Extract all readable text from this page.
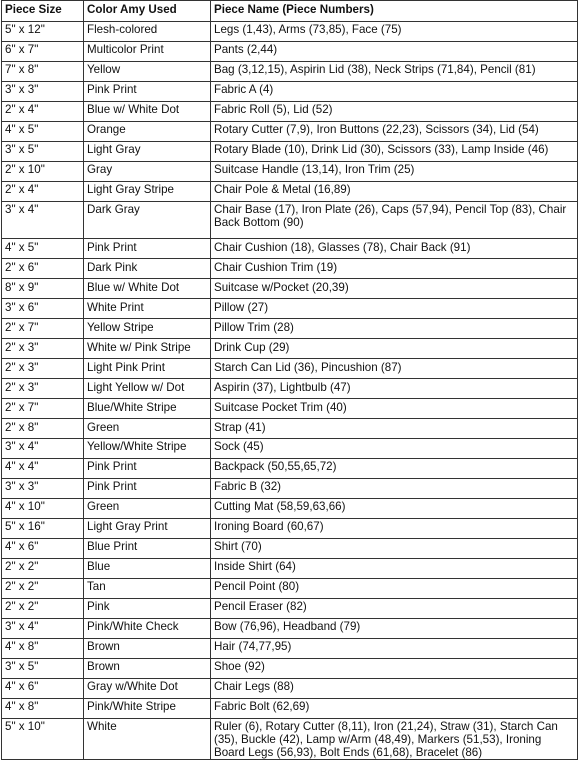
Piece Size	Color Amy Used	Piece Name (Piece Numbers)
5" x 12"	Flesh-colored	Legs (1,43), Arms (73,85), Face (75)
6" x 7"	Multicolor Print	Pants (2,44)
7" x 8"	Yellow	Bag (3,12,15), Aspirin Lid (38), Neck Strips (71,84), Pencil (81)
3" x 3"	Pink Print	Fabric A (4)
2" x 4"	Blue w/ White Dot	Fabric Roll (5), Lid (52)
4" x 5"	Orange	Rotary Cutter (7,9), Iron Buttons (22,23), Scissors (34), Lid (54)
3" x 5"	Light Gray	Rotary Blade (10), Drink Lid (30), Scissors (33), Lamp Inside (46)
2" x 10"	Gray	Suitcase Handle (13,14), Iron Trim (25)
2" x 4"	Light Gray Stripe	Chair Pole & Metal (16,89)
3" x 4"	Dark Gray	Chair Base (17), Iron Plate (26), Caps (57,94), Pencil Top (83), Chair Back Bottom (90)
4" x 5"	Pink Print	Chair Cushion (18), Glasses (78), Chair Back (91)
2" x 6"	Dark Pink	Chair Cushion Trim (19)
8" x 9"	Blue w/ White Dot	Suitcase w/Pocket (20,39)
3" x 6"	White Print	Pillow (27)
2" x 7"	Yellow Stripe	Pillow Trim (28)
2" x 3"	White w/ Pink Stripe	Drink Cup (29)
2" x 3"	Light Pink Print	Starch Can Lid (36), Pincushion (87)
2" x 3"	Light Yellow w/ Dot	Aspirin (37), Lightbulb (47)
2" x 7"	Blue/White Stripe	Suitcase Pocket Trim (40)
2" x 8"	Green	Strap (41)
3" x 4"	Yellow/White Stripe	Sock (45)
4" x 4"	Pink Print	Backpack (50,55,65,72)
3" x 3"	Pink Print	Fabric B (32)
4" x 10"	Green	Cutting Mat (58,59,63,66)
5" x 16"	Light Gray Print	Ironing Board (60,67)
4" x 6"	Blue Print	Shirt (70)
2" x 2"	Blue	Inside Shirt (64)
2" x 2"	Tan	Pencil Point (80)
2" x 2"	Pink	Pencil Eraser (82)
3" x 4"	Pink/White Check	Bow (76,96), Headband (79)
4" x 8"	Brown	Hair (74,77,95)
3" x 5"	Brown	Shoe (92)
4" x 6"	Gray w/White Dot	Chair Legs (88)
4" x 8"	Pink/White Stripe	Fabric Bolt (62,69)
5" x 10"	White	Ruler (6), Rotary Cutter (8,11), Iron (21,24), Straw (31), Starch Can (35), Buckle (42), Lamp w/Arm (48,49), Markers (51,53), Ironing Board Legs (56,93), Bolt Ends (61,68), Bracelet (86)
